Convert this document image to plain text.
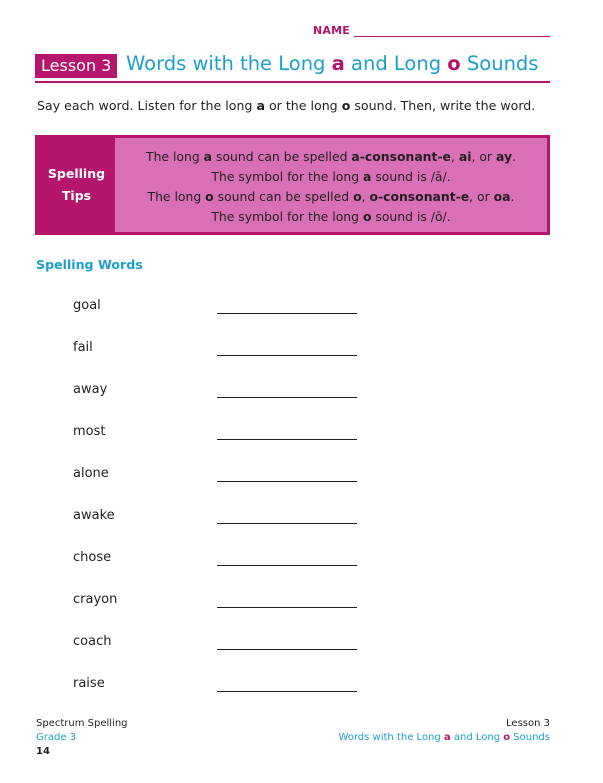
NAME
Lesson 3 Words with the Long a and Long o Sounds
Say each word. Listen for the long a or the long o sound. Then, write the word.
Spelling
Tips
The long a sound can be spelled a-consonant-e, ai, or ay.
The symbol for the long a sound is /ā/.
The long o sound can be spelled o, o-consonant-e, or oa.
The symbol for the long o sound is /ō/.
Spelling Words
goal
fail
away
most
alone
awake
chose
crayon
coach
raise
Spectrum Spelling
Grade 3
Lesson 3
Words with the Long a and Long o Sounds
14
